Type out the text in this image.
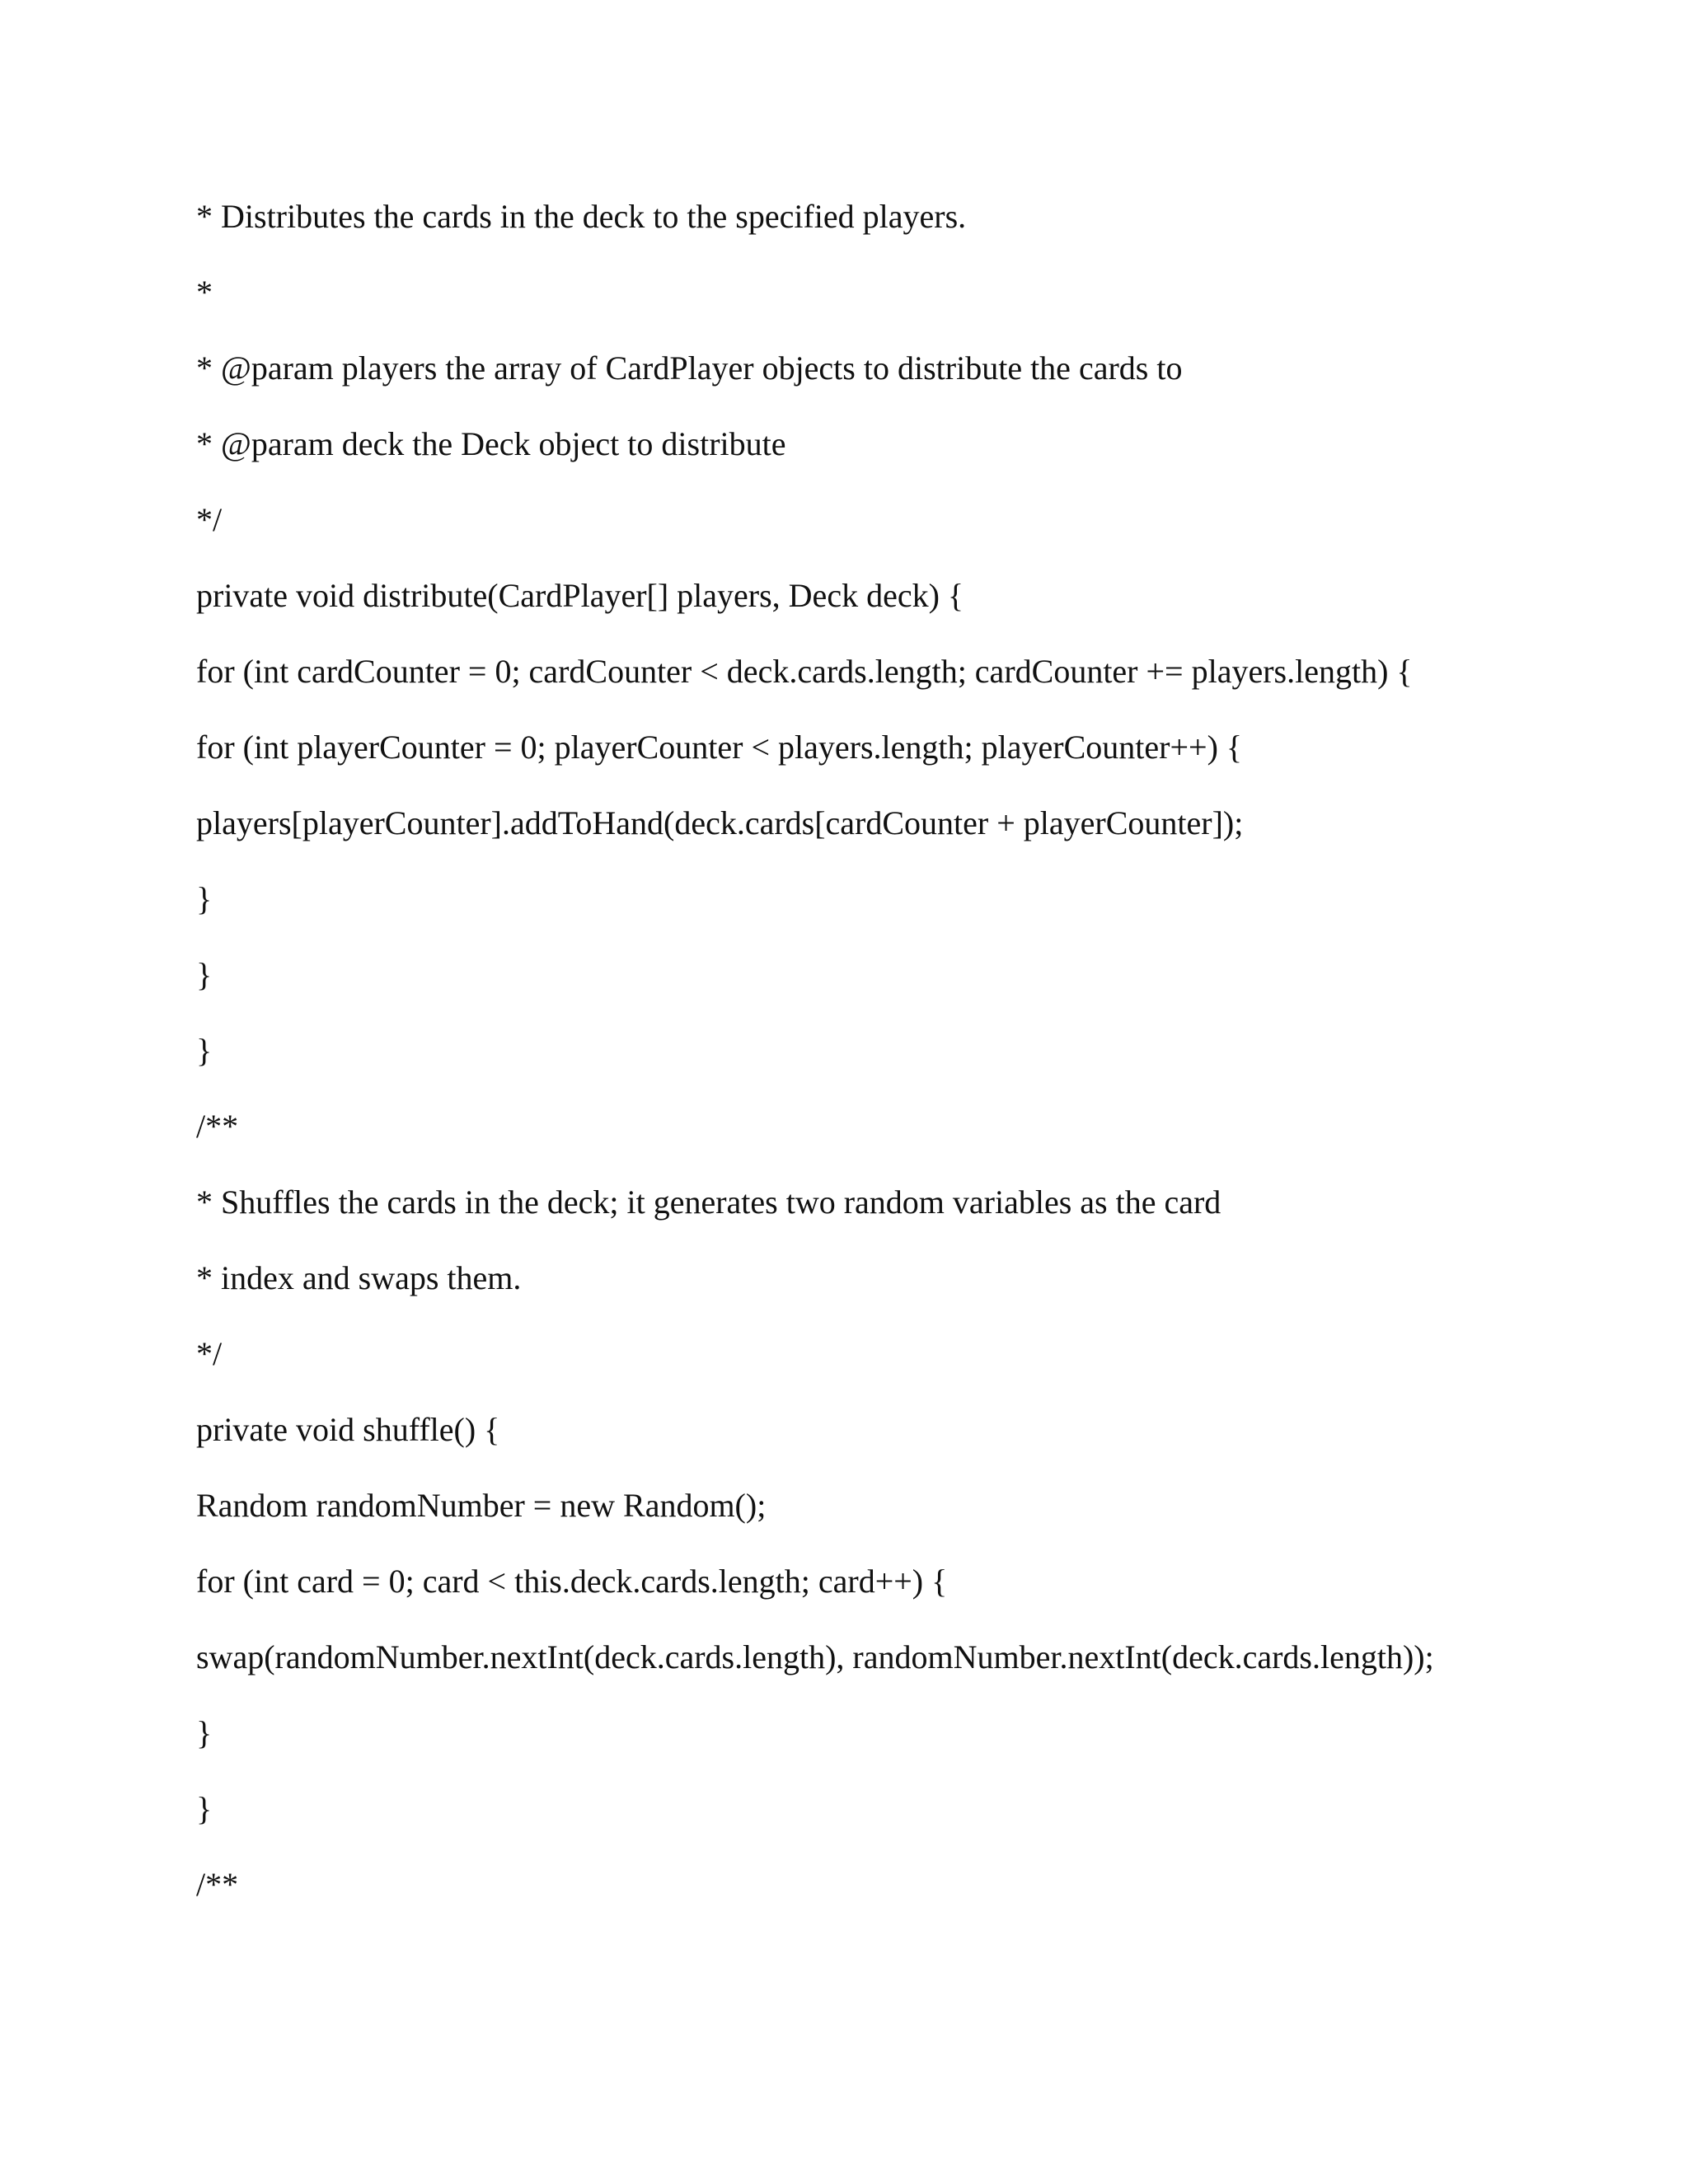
* Distributes the cards in the deck to the specified players.
*
* @param players the array of CardPlayer objects to distribute the cards to
* @param deck the Deck object to distribute
*/
private void distribute(CardPlayer[] players, Deck deck) {
for (int cardCounter = 0; cardCounter < deck.cards.length; cardCounter += players.length) {
for (int playerCounter = 0; playerCounter < players.length; playerCounter++) {
players[playerCounter].addToHand(deck.cards[cardCounter + playerCounter]);
}
}
}
/**
* Shuffles the cards in the deck; it generates two random variables as the card
* index and swaps them.
*/
private void shuffle() {
Random randomNumber = new Random();
for (int card = 0; card < this.deck.cards.length; card++) {
swap(randomNumber.nextInt(deck.cards.length), randomNumber.nextInt(deck.cards.length));
}
}
/**
